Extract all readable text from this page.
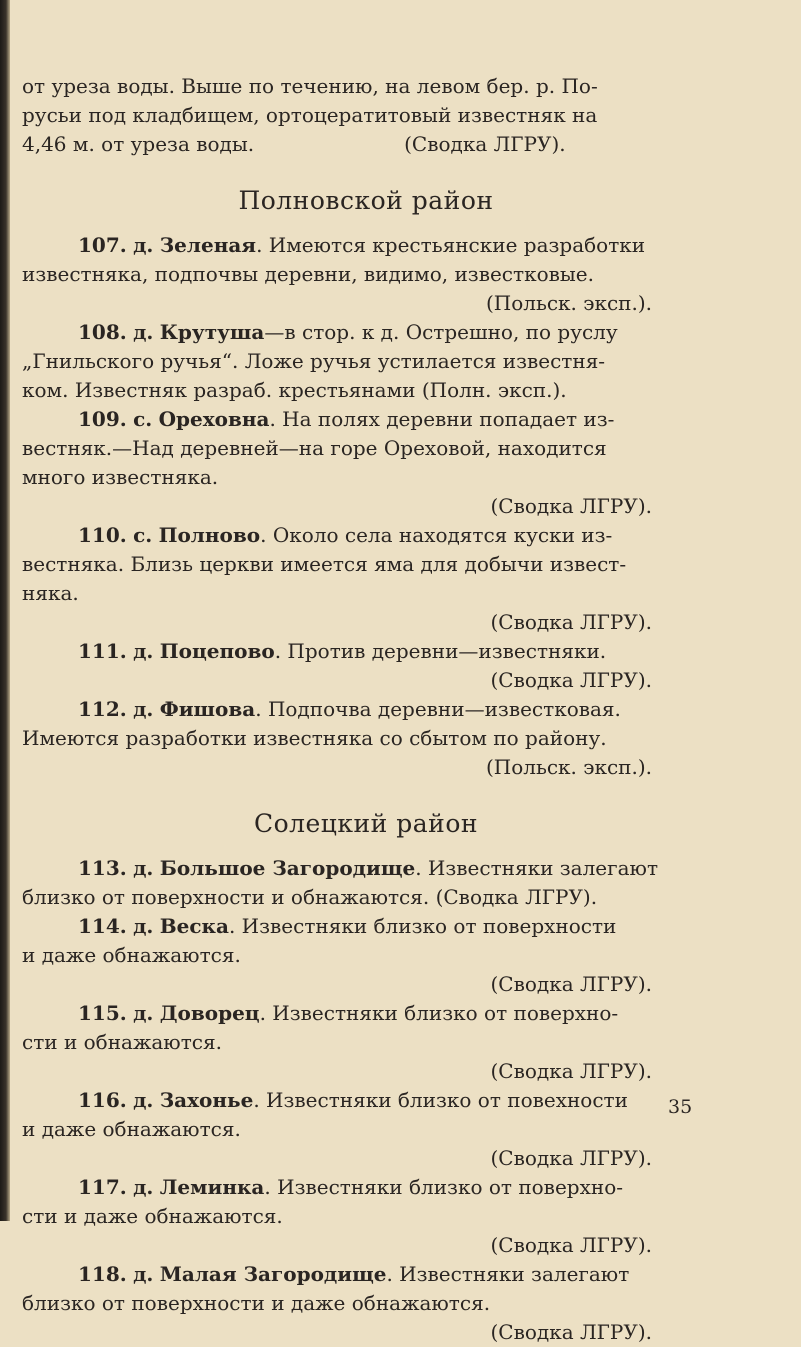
от уреза воды. Выше по течению, на левом бер. р. По-
русьи под кладбищем, ортоцератитовый известняк на
4,46 м. от уреза воды.	(Сводка ЛГРУ).
Полновской район
107. д. Зеленая. Имеются крестьянские разработки
известняка, подпочвы деревни, видимо, известковые.
(Польск. эксп.).
108. д. Крутуша—в стор. к д. Острешно, по руслу
„Гнильского ручья“. Ложе ручья устилается известня-
ком. Известняк разраб. крестьянами (Полн. эксп.).
109. с. Ореховна. На полях деревни попадает из-
вестняк.—Над деревней—на горе Ореховой, находится
много известняка.
(Сводка ЛГРУ).
110. с. Полново. Около села находятся куски из-
вестняка. Близь церкви имеется яма для добычи извест-
няка.
(Сводка ЛГРУ).
111. д. Поцепово. Против деревни—известняки.
(Сводка ЛГРУ).
112. д. Фишова. Подпочва деревни—известковая.
Имеются разработки известняка со сбытом по району.
(Польск. эксп.).
Солецкий район
113. д. Большое Загородище. Известняки залегают
близко от поверхности и обнажаются. (Сводка ЛГРУ).
114. д. Веска. Известняки близко от поверхности
и даже обнажаются.
(Сводка ЛГРУ).
115. д. Доворец. Известняки близко от поверхно-
сти и обнажаются.
(Сводка ЛГРУ).
116. д. Захонье. Известняки близко от повехности
и даже обнажаются.
(Сводка ЛГРУ).
117. д. Леминка. Известняки близко от поверхно-
сти и даже обнажаются.
(Сводка ЛГРУ).
118. д. Малая Загородище. Известняки залегают
близко от поверхности и даже обнажаются.
(Сводка ЛГРУ).
35
